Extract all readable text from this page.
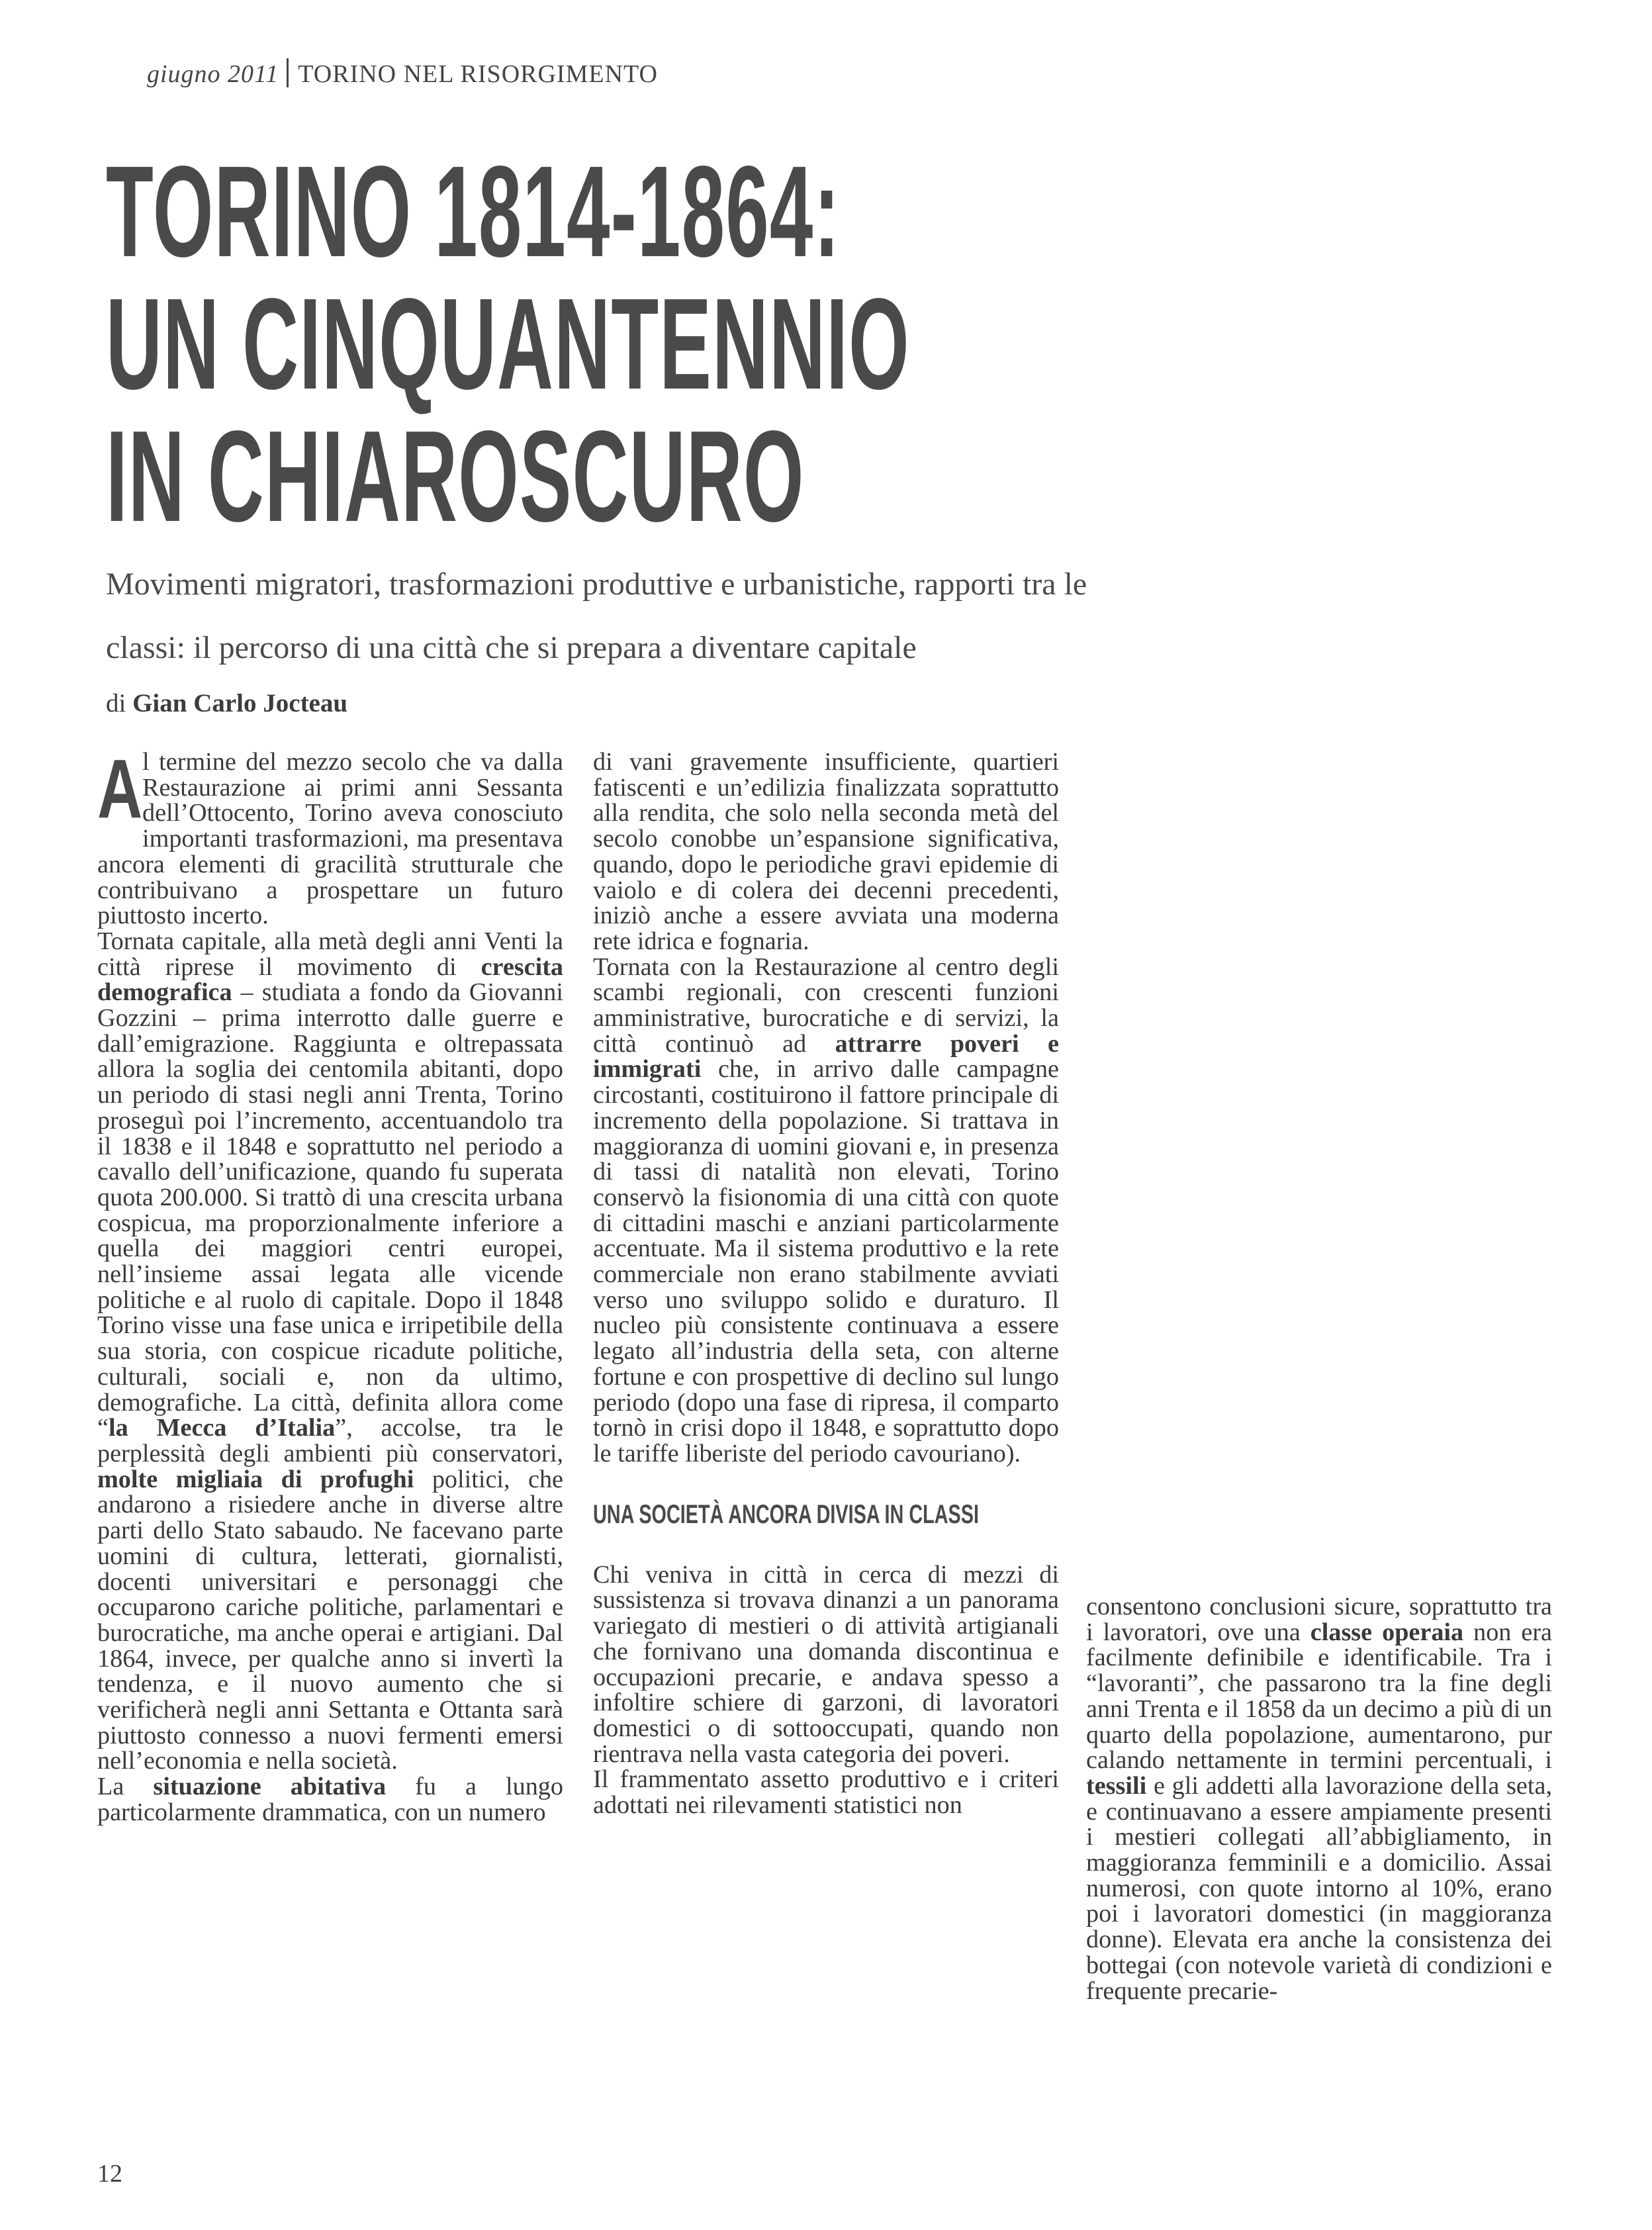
giugno 2011 TORINO NEL RISORGIMENTO
TORINO 1814-1864:
UN CINQUANTENNIO
IN CHIAROSCURO
Movimenti migratori, trasformazioni produttive e urbanistiche, rapporti tra le classi: il percorso di una città che si prepara a diventare capitale
di Gian Carlo Jocteau
A l termine del mezzo secolo che va dalla Restaurazione ai primi anni Sessanta dell’Ottocento, Torino aveva conosciuto importanti trasformazioni, ma presentava ancora elementi di gracilità strutturale che contribuivano a prospettare un futuro piuttosto incerto.

Tornata capitale, alla metà degli anni Venti la città riprese il movimento di crescita demografica – studiata a fondo da Giovanni Gozzini – prima interrotto dalle guerre e dall’emigrazione. Raggiunta e oltrepassata allora la soglia dei centomila abitanti, dopo un periodo di stasi negli anni Trenta, Torino proseguì poi l’incremento, accentuandolo tra il 1838 e il 1848 e soprattutto nel periodo a cavallo dell’unificazione, quando fu superata quota 200.000. Si trattò di una crescita urbana cospicua, ma proporzionalmente inferiore a quella dei maggiori centri europei, nell’insieme assai legata alle vicende politiche e al ruolo di capitale. Dopo il 1848 Torino visse una fase unica e irripetibile della sua storia, con cospicue ricadute politiche, culturali, sociali e, non da ultimo, demografiche. La città, definita allora come “la Mecca d’Italia”, accolse, tra le perplessità degli ambienti più conservatori, molte migliaia di profughi politici, che andarono a risiedere anche in diverse altre parti dello Stato sabaudo. Ne facevano parte uomini di cultura, letterati, giornalisti, docenti universitari e personaggi che occuparono cariche politiche, parlamentari e burocratiche, ma anche operai e artigiani. Dal 1864, invece, per qualche anno si invertì la tendenza, e il nuovo aumento che si verificherà negli anni Settanta e Ottanta sarà piuttosto connesso a nuovi fermenti emersi nell’economia e nella società.

La situazione abitativa fu a lungo particolarmente drammatica, con un numero

di vani gravemente insufficiente, quartieri fatiscenti e un’edilizia finalizzata soprattutto alla rendita, che solo nella seconda metà del secolo conobbe un’espansione significativa, quando, dopo le periodiche gravi epidemie di vaiolo e di colera dei decenni precedenti, iniziò anche a essere avviata una moderna rete idrica e fognaria.

Tornata con la Restaurazione al centro degli scambi regionali, con crescenti funzioni amministrative, burocratiche e di servizi, la città continuò ad attrarre poveri e immigrati che, in arrivo dalle campagne circostanti, costituirono il fattore principale di incremento della popolazione. Si trattava in maggioranza di uomini giovani e, in presenza di tassi di natalità non elevati, Torino conservò la fisionomia di una città con quote di cittadini maschi e anziani particolarmente accentuate. Ma il sistema produttivo e la rete commerciale non erano stabilmente avviati verso uno sviluppo solido e duraturo. Il nucleo più consistente continuava a essere legato all’industria della seta, con alterne fortune e con prospettive di declino sul lungo periodo (dopo una fase di ripresa, il comparto tornò in crisi dopo il 1848, e soprattutto dopo le tariffe liberiste del periodo cavouriano).

UNA SOCIETÀ ANCORA DIVISA IN CLASSI

Chi veniva in città in cerca di mezzi di sussistenza si trovava dinanzi a un panorama variegato di mestieri o di attività artigianali che fornivano una domanda discontinua e occupazioni precarie, e andava spesso a infoltire schiere di garzoni, di lavoratori domestici o di sottooccupati, quando non rientrava nella vasta categoria dei poveri.

Il frammentato assetto produttivo e i criteri adottati nei rilevamenti statistici non

consentono conclusioni sicure, soprattutto tra i lavoratori, ove una classe operaia non era facilmente definibile e identificabile. Tra i “lavoranti”, che passarono tra la fine degli anni Trenta e il 1858 da un decimo a più di un quarto della popolazione, aumentarono, pur calando nettamente in termini percentuali, i tessili e gli addetti alla lavorazione della seta, e continuavano a essere ampiamente presenti i mestieri collegati all’abbigliamento, in maggioranza femminili e a domicilio. Assai numerosi, con quote intorno al 10%, erano poi i lavoratori domestici (in maggioranza donne). Elevata era anche la consistenza dei bottegai (con notevole varietà di condizioni e frequente precarie-

12
